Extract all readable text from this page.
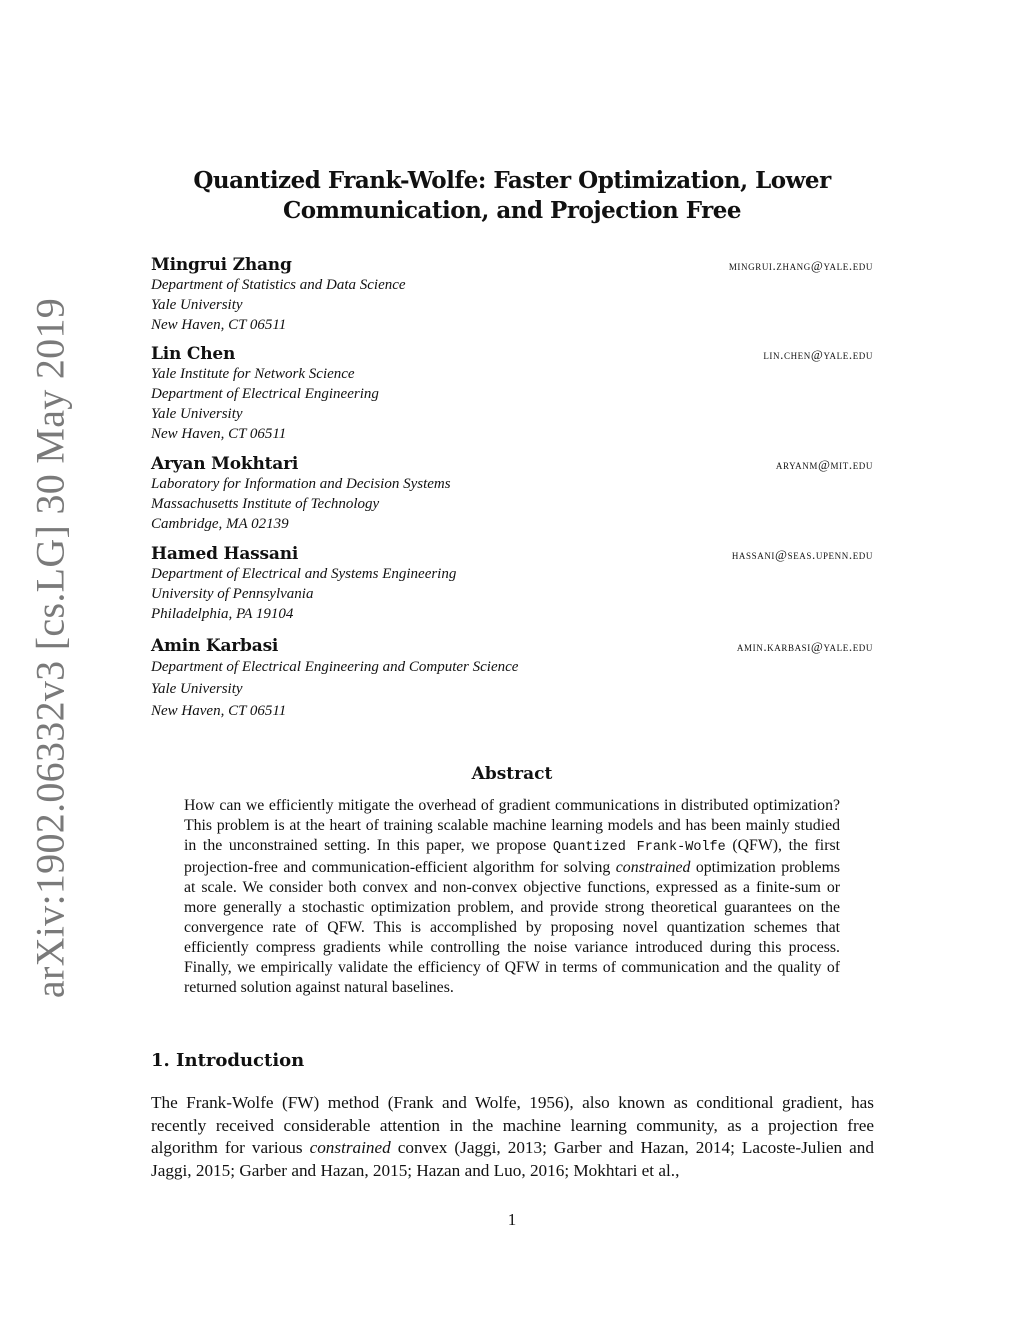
arXiv:1902.06332v3 [cs.LG] 30 May 2019
Quantized Frank-Wolfe: Faster Optimization, Lower
Communication, and Projection Free
Mingrui Zhang	mingrui.zhang@yale.edu
Department of Statistics and Data Science
Yale University
New Haven, CT 06511
Lin Chen	lin.chen@yale.edu
Yale Institute for Network Science
Department of Electrical Engineering
Yale University
New Haven, CT 06511
Aryan Mokhtari	aryanm@mit.edu
Laboratory for Information and Decision Systems
Massachusetts Institute of Technology
Cambridge, MA 02139
Hamed Hassani	hassani@seas.upenn.edu
Department of Electrical and Systems Engineering
University of Pennsylvania
Philadelphia, PA 19104
Amin Karbasi	amin.karbasi@yale.edu
Department of Electrical Engineering and Computer Science
Yale University
New Haven, CT 06511
Abstract
How can we efficiently mitigate the overhead of gradient communications in distributed optimization? This problem is at the heart of training scalable machine learning models and has been mainly studied in the unconstrained setting. In this paper, we propose Quantized Frank-Wolfe (QFW), the first projection-free and communication-efficient algorithm for solving constrained optimization problems at scale. We consider both convex and non-convex objective functions, expressed as a finite-sum or more generally a stochastic optimization problem, and provide strong theoretical guarantees on the convergence rate of QFW. This is accomplished by proposing novel quantization schemes that efficiently compress gradients while controlling the noise variance introduced during this process. Finally, we empirically validate the efficiency of QFW in terms of communication and the quality of returned solution against natural baselines.
1. Introduction
The Frank-Wolfe (FW) method (Frank and Wolfe, 1956), also known as conditional gradient, has recently received considerable attention in the machine learning community, as a projection free algorithm for various constrained convex (Jaggi, 2013; Garber and Hazan, 2014; Lacoste-Julien and Jaggi, 2015; Garber and Hazan, 2015; Hazan and Luo, 2016; Mokhtari et al.,
1
